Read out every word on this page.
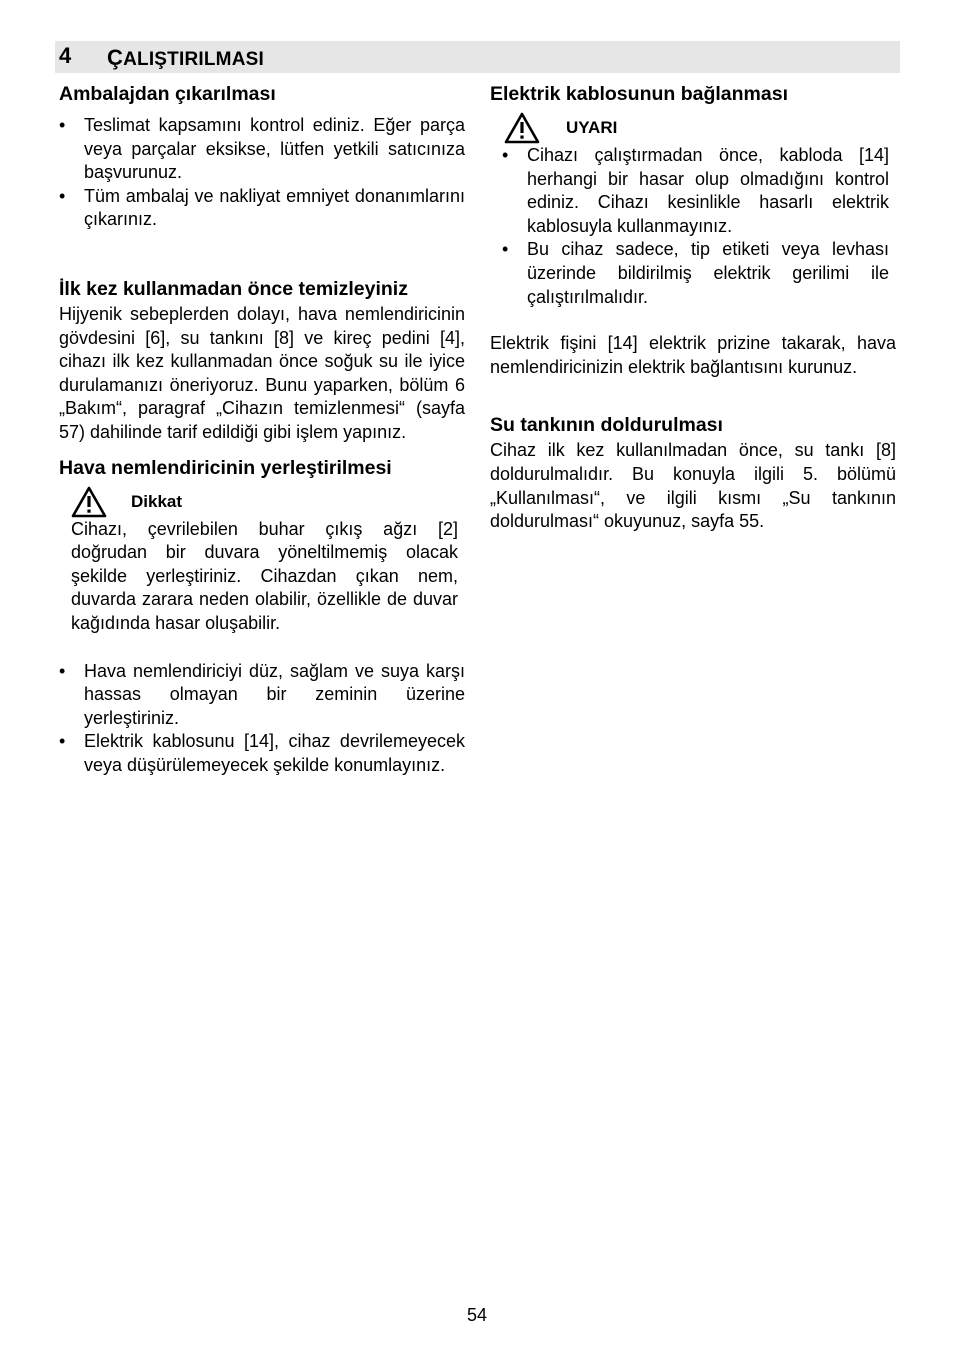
4 ÇALIŞTIRILMASI
Ambalajdan çıkarılması
• Teslimat kapsamını kontrol ediniz. Eğer parça veya parçalar eksikse, lütfen yetkili satıcınıza başvurunuz.
• Tüm ambalaj ve nakliyat emniyet donanımlarını çıkarınız.
İlk kez kullanmadan önce temizleyiniz

Hijyenik sebeplerden dolayı, hava nemlendiricinin gövdesini [6], su tankını [8] ve kireç pedini [4], cihazı ilk kez kullanmadan önce soğuk su ile iyice durulamanızı öneriyoruz. Bunu yaparken, bölüm 6 „Bakım“, paragraf „Cihazın temizlenmesi“ (sayfa 57) dahilinde tarif edildiği gibi işlem yapınız.

Hava nemlendiricinin yerleştirilmesi
Dikkat

Cihazı, çevrilebilen buhar çıkış ağzı [2] doğrudan bir duvara yöneltilmemiş olacak şekilde yerleştiriniz. Cihazdan çıkan nem, duvarda zarara neden olabilir, özellikle de duvar kağıdında hasar oluşabilir.

• Hava nemlendiriciyi düz, sağlam ve suya karşı hassas olmayan bir zeminin üzerine yerleştiriniz.
• Elektrik kablosunu [14], cihaz devrilemeyecek veya düşürülemeyecek şekilde konumlayınız.
Elektrik kablosunun bağlanması
UYARI
• Cihazı çalıştırmadan önce, kabloda [14] herhangi bir hasar olup olmadığını kontrol ediniz. Cihazı kesinlikle hasarlı elektrik kablosuyla kullanmayınız.
• Bu cihaz sadece, tip etiketi veya levhası üzerinde bildirilmiş elektrik gerilimi ile çalıştırılmalıdır.

Elektrik fişini [14] elektrik prizine takarak, hava nemlendiricinizin elektrik bağlantısını kurunuz.

Su tankının doldurulması

Cihaz ilk kez kullanılmadan önce, su tankı [8] doldurulmalıdır. Bu konuyla ilgili 5. bölümü „Kullanılması“, ve ilgili kısmı „Su tankının doldurulması“ okuyunuz, sayfa 55.

54
